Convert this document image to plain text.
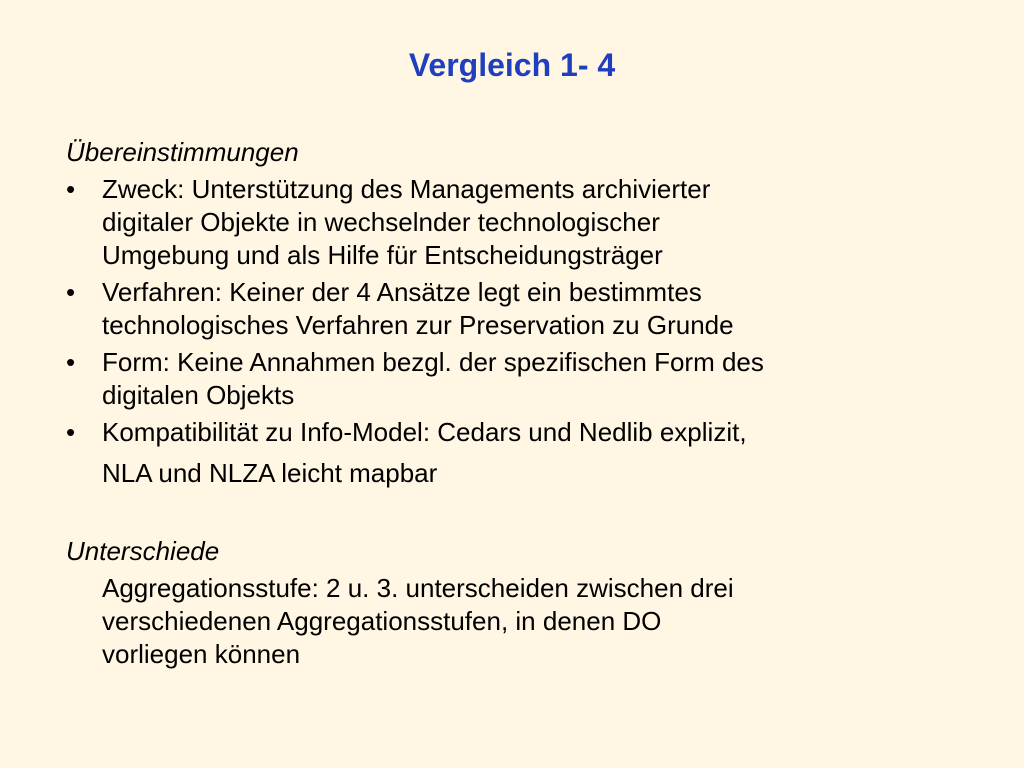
Vergleich 1- 4

Übereinstimmungen

•	Zweck: Unterstützung des Managements archivierter
digitaler Objekte in wechselnder technologischer
Umgebung und als Hilfe für Entscheidungsträger
•	Verfahren: Keiner der 4 Ansätze legt ein bestimmtes
technologisches Verfahren zur Preservation zu Grunde
•	Form: Keine Annahmen bezgl. der spezifischen Form des
digitalen Objekts
•	Kompatibilität zu Info-Model: Cedars und Nedlib explizit,
NLA und NLZA leicht mapbar

Unterschiede

Aggregationsstufe: 2 u. 3. unterscheiden zwischen drei
verschiedenen Aggregationsstufen, in denen DO
vorliegen können
